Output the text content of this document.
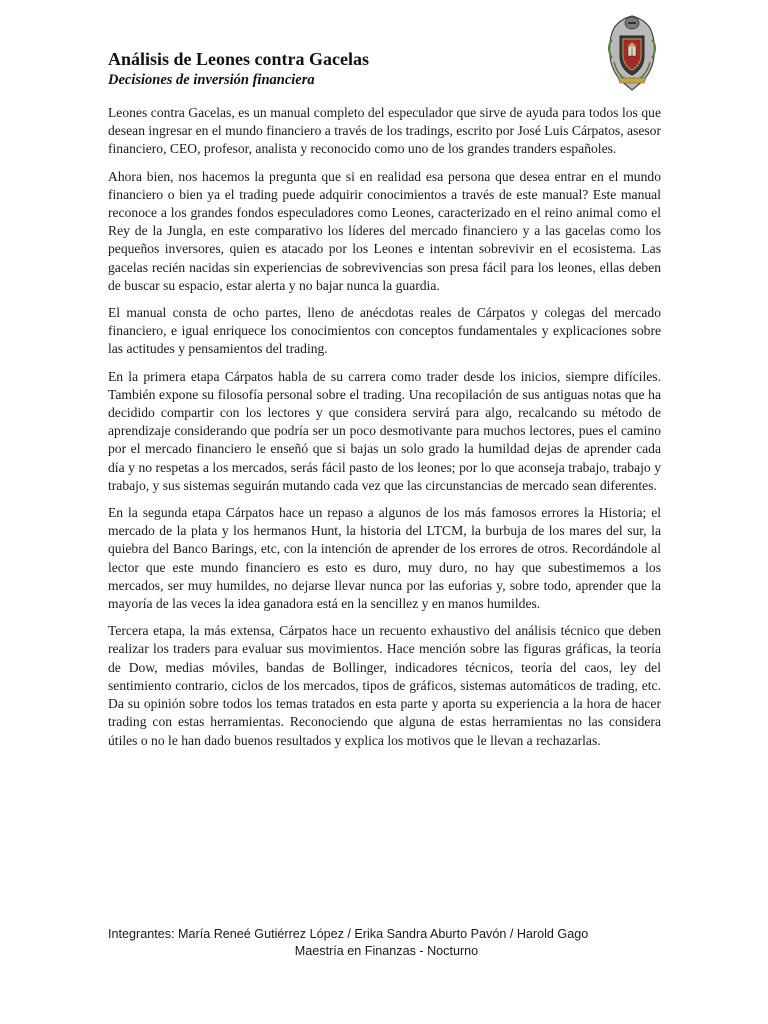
Análisis de Leones contra Gacelas
Decisiones de inversión financiera

Leones contra Gacelas, es un manual completo del especulador que sirve de ayuda para todos los que desean ingresar en el mundo financiero a través de los tradings, escrito por José Luis Cárpatos, asesor financiero, CEO, profesor, analista y reconocido como uno de los grandes tranders españoles.

Ahora bien, nos hacemos la pregunta que si en realidad esa persona que desea entrar en el mundo financiero o bien ya el trading puede adquirir conocimientos a través de este manual? Este manual reconoce a los grandes fondos especuladores como Leones, caracterizado en el reino animal como el Rey de la Jungla, en este comparativo los líderes del mercado financiero y a las gacelas como los pequeños inversores, quien es atacado por los Leones e intentan sobrevivir en el ecosistema. Las gacelas recién nacidas sin experiencias de sobrevivencias son presa fácil para los leones, ellas deben de buscar su espacio, estar alerta y no bajar nunca la guardia.

El manual consta de ocho partes, lleno de anécdotas reales de Cárpatos y colegas del mercado financiero, e igual enriquece los conocimientos con conceptos fundamentales y explicaciones sobre las actitudes y pensamientos del trading.

En la primera etapa Cárpatos habla de su carrera como trader desde los inicios, siempre difíciles. También expone su filosofía personal sobre el trading. Una recopilación de sus antiguas notas que ha decidido compartir con los lectores y que considera servirá para algo, recalcando su método de aprendizaje considerando que podría ser un poco desmotivante para muchos lectores, pues el camino por el mercado financiero le enseñó que si bajas un solo grado la humildad dejas de aprender cada día y no respetas a los mercados, serás fácil pasto de los leones; por lo que aconseja trabajo, trabajo y trabajo, y sus sistemas seguirán mutando cada vez que las circunstancias de mercado sean diferentes.

En la segunda etapa Cárpatos hace un repaso a algunos de los más famosos errores la Historia; el mercado de la plata y los hermanos Hunt, la historia del LTCM, la burbuja de los mares del sur, la quiebra del Banco Barings, etc, con la intención de aprender de los errores de otros. Recordándole al lector que este mundo financiero es esto es duro, muy duro, no hay que subestimemos a los mercados, ser muy humildes, no dejarse llevar nunca por las euforias y, sobre todo, aprender que la mayoría de las veces la idea ganadora está en la sencillez y en manos humildes.

Tercera etapa, la más extensa, Cárpatos hace un recuento exhaustivo del análisis técnico que deben realizar los traders para evaluar sus movimientos. Hace mención sobre las figuras gráficas, la teoría de Dow, medias móviles, bandas de Bollinger, indicadores técnicos, teoría del caos, ley del sentimiento contrario, ciclos de los mercados, tipos de gráficos, sistemas automáticos de trading, etc. Da su opinión sobre todos los temas tratados en esta parte y aporta su experiencia a la hora de hacer trading con estas herramientas. Reconociendo que alguna de estas herramientas no las considera útiles o no le han dado buenos resultados y explica los motivos que le llevan a rechazarlas.

Integrantes: María Reneé Gutiérrez López / Erika Sandra Aburto Pavón / Harold Gago
Maestría en Finanzas - Nocturno
